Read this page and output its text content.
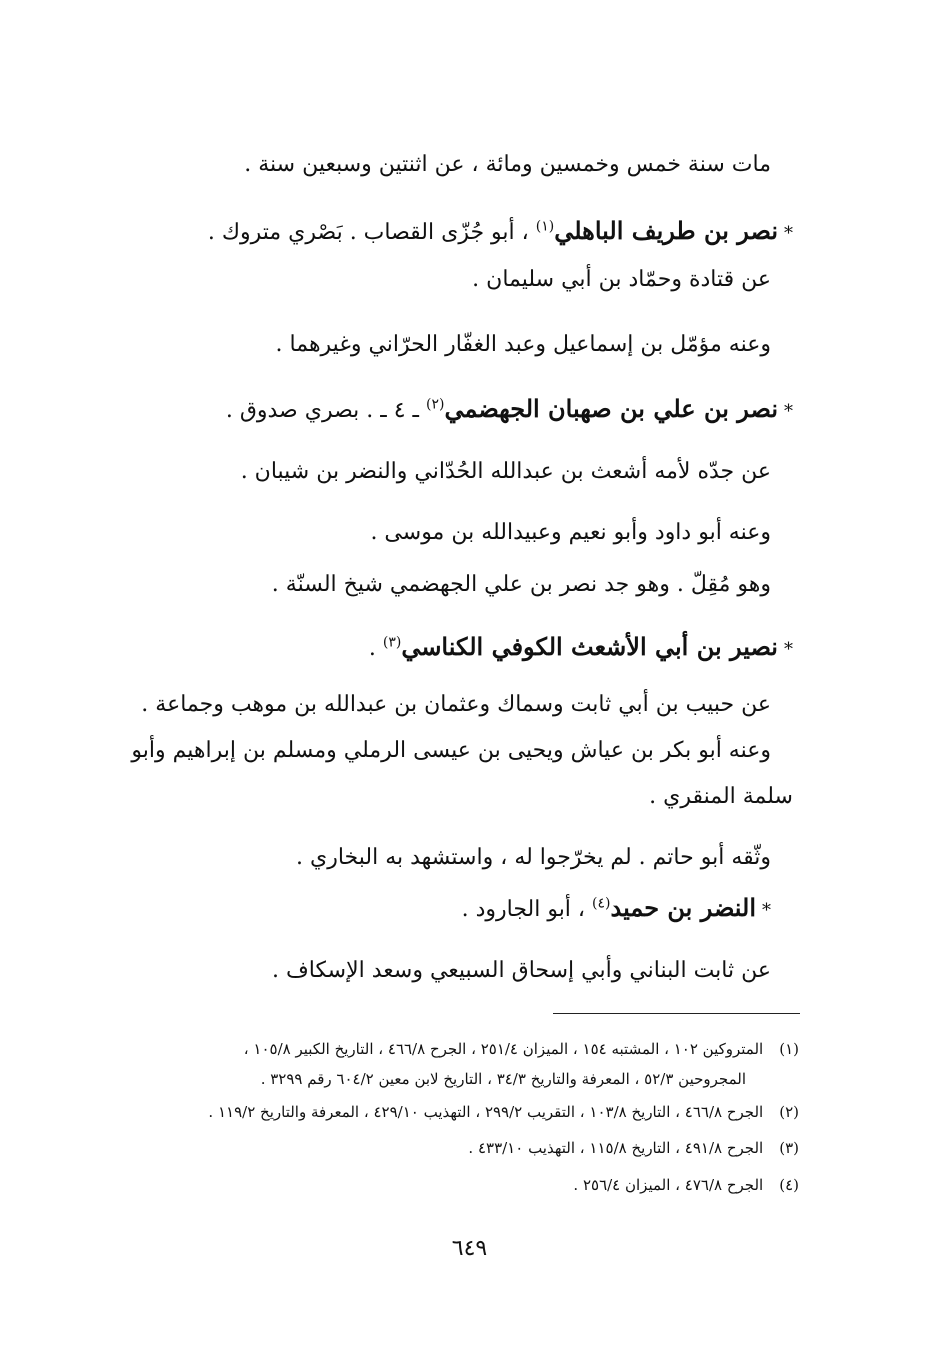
مات سنة خمس وخمسين ومائة ، عن اثنتين وسبعين سنة .
*نصر بن طريف الباهلي$^{(١)}$ ، أبو جُزّى القصاب . بَصْري متروك .
عن قتادة وحمّاد بن أبي سليمان .
وعنه مؤمّل بن إسماعيل وعبد الغفّار الحرّاني وغيرهما .
*نصر بن علي بن صهبان الجهضمي$^{(٢)}$ ـ ٤ ـ . بصري صدوق .
عن جدّه لأمه أشعث بن عبدالله الحُدّاني والنضر بن شيبان .
وعنه أبو داود وأبو نعيم وعبيدالله بن موسى .
وهو مُقِلّ . وهو جد نصر بن علي الجهضمي شيخ السنّة .
*نصير بن أبي الأشعث الكوفي الكناسي$^{(٣)}$ .
عن حبيب بن أبي ثابت وسماك وعثمان بن عبدالله بن موهب وجماعة .
وعنه أبو بكر بن عياش ويحيى بن عيسى الرملي ومسلم بن إبراهيم وأبو
سلمة المنقري .
وثّقه أبو حاتم . لم يخرّجوا له ، واستشهد به البخاري .
*النضر بن حميد$^{(٤)}$ ، أبو الجارود .
عن ثابت البناني وأبي إسحاق السبيعي وسعد الإسكاف .
(١)المتروكين ١٠٢ ، المشتبه ١٥٤ ، الميزان ٢٥١/٤ ، الجرح ٤٦٦/٨ ، التاريخ الكبير ١٠٥/٨ ،
المجروحين ٥٢/٣ ، المعرفة والتاريخ ٣٤/٣ ، التاريخ لابن معين ٦٠٤/٢ رقم ٣٢٩٩ .
(٢)الجرح ٤٦٦/٨ ، التاريخ ١٠٣/٨ ، التقريب ٢٩٩/٢ ، التهذيب ٤٢٩/١٠ ، المعرفة والتاريخ ١١٩/٢ .
(٣)الجرح ٤٩١/٨ ، التاريخ ١١٥/٨ ، التهذيب ٤٣٣/١٠ .
(٤)الجرح ٤٧٦/٨ ، الميزان ٢٥٦/٤ .
٦٤٩
